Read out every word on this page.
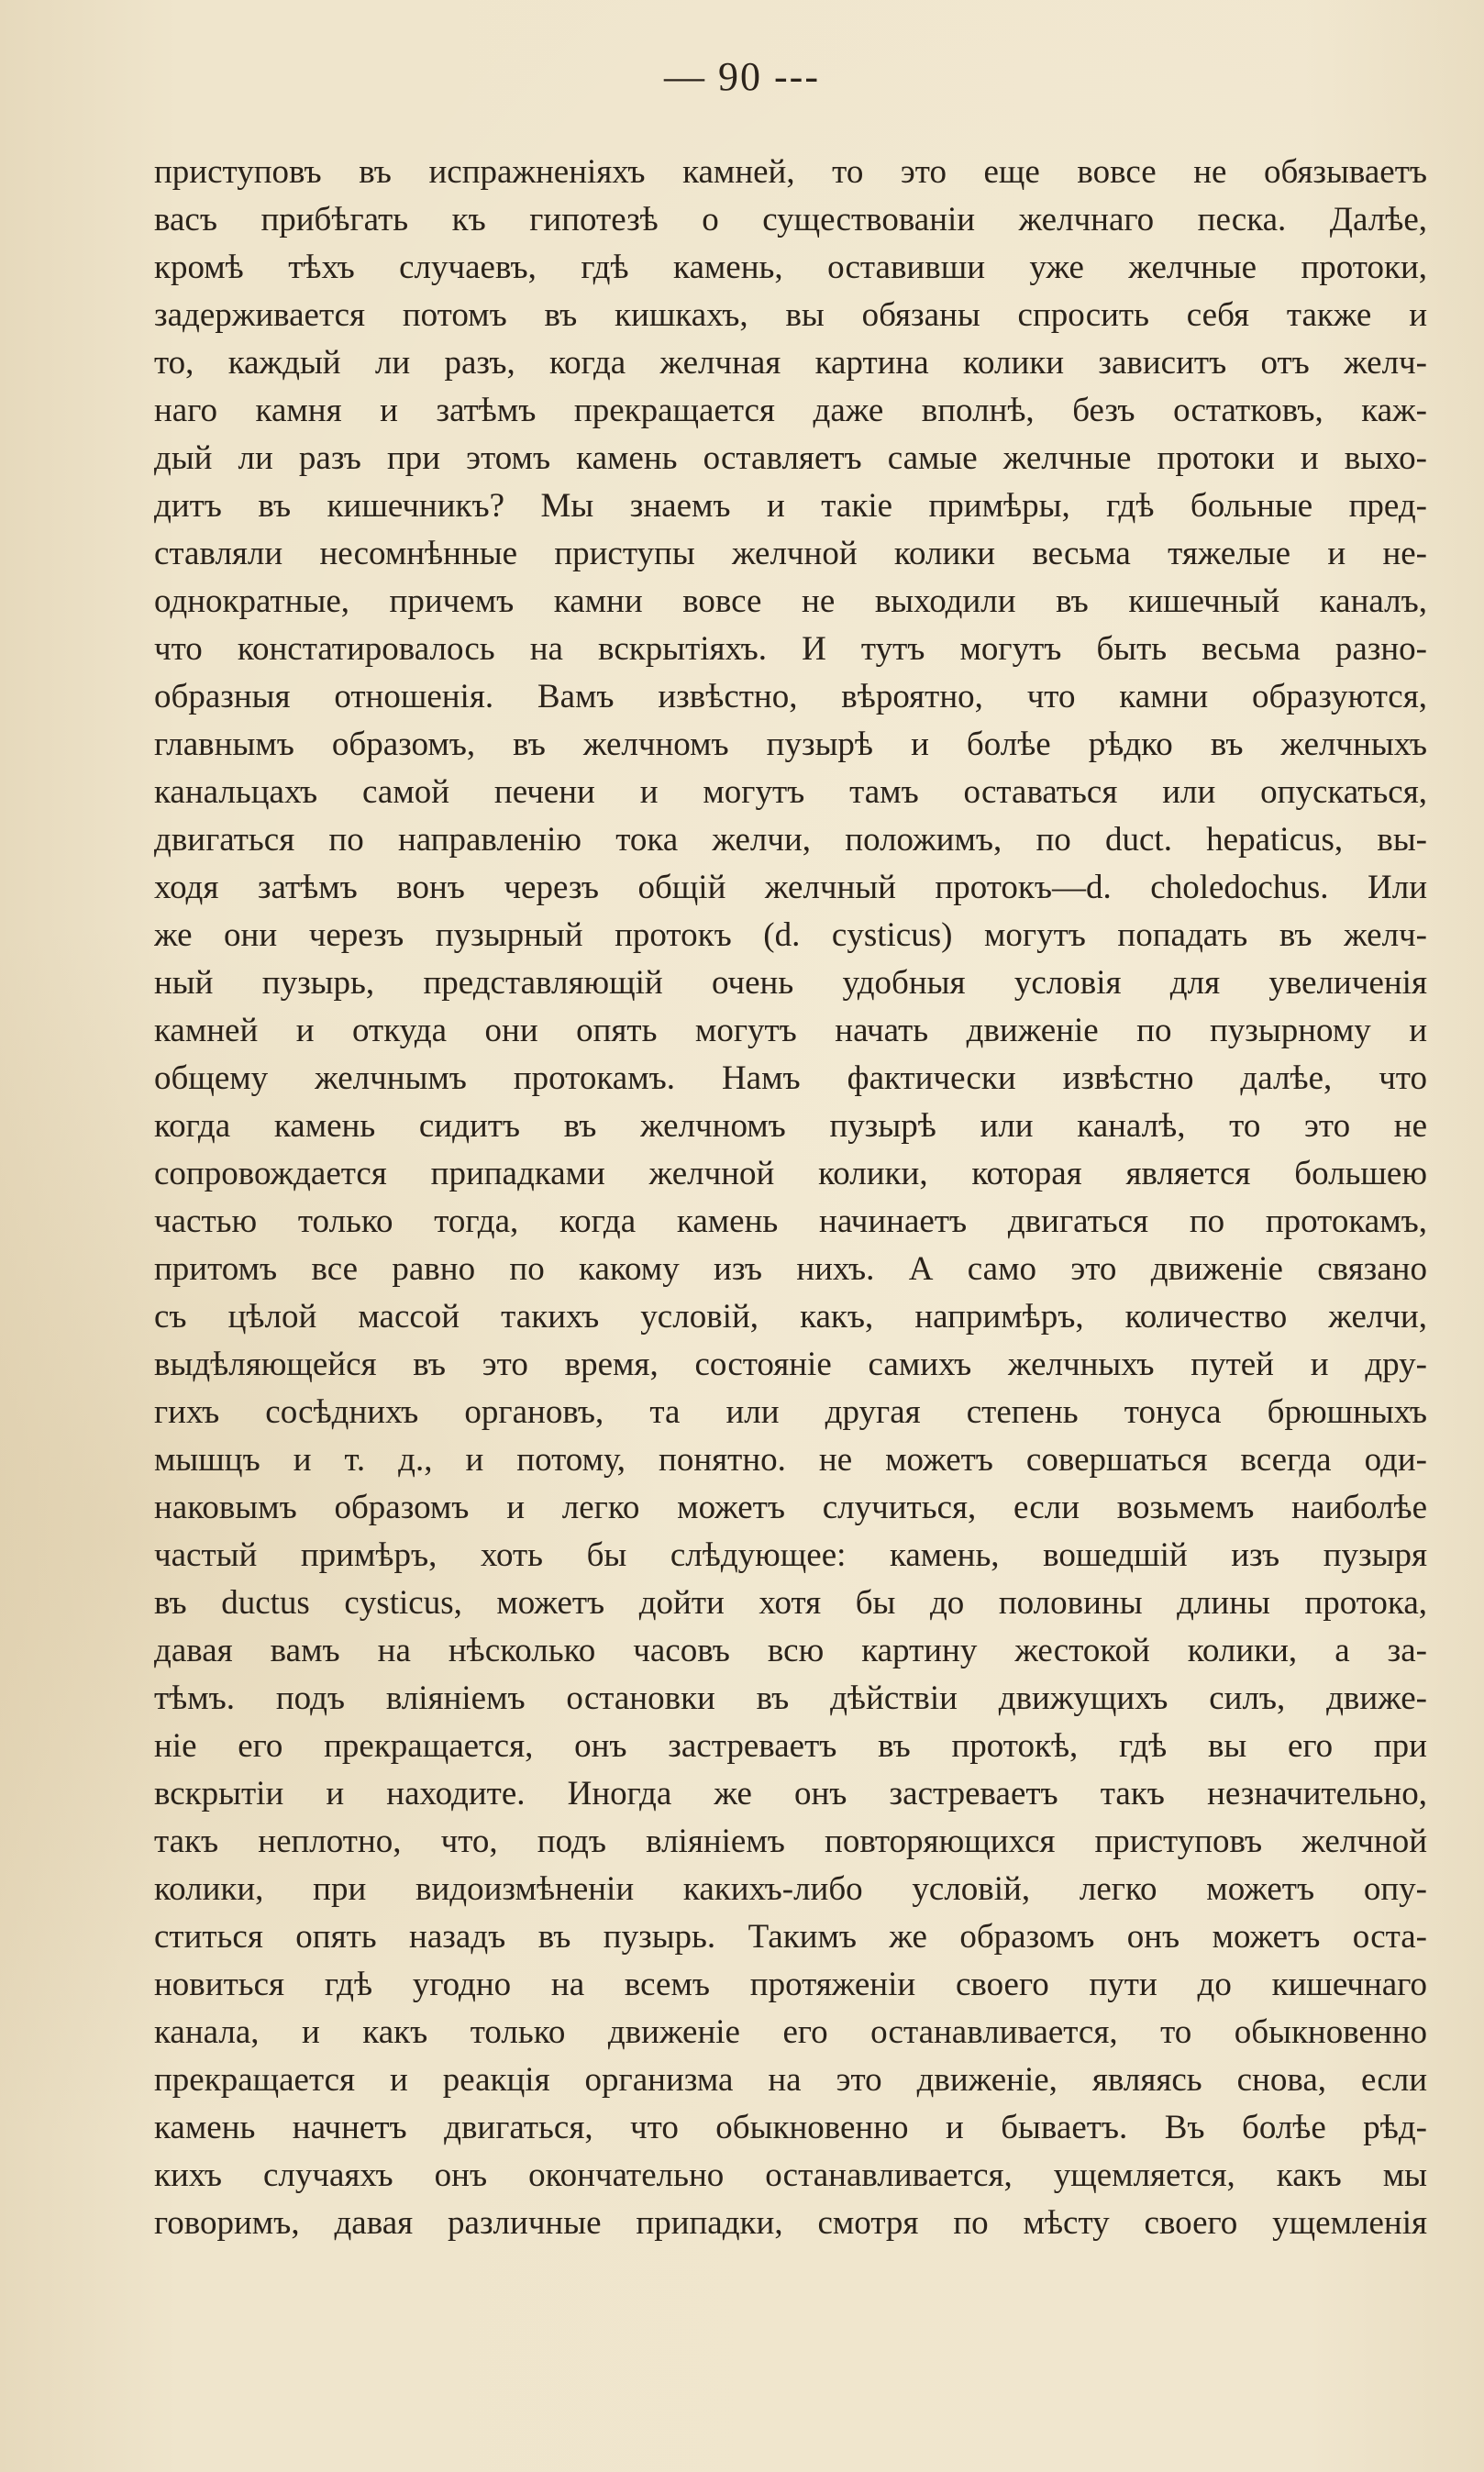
— 90 ---
приступовъ въ испражненіяхъ камней, то это еще вовсе не обязываетъ
васъ прибѣгать къ гипотезѣ о существованіи желчнаго песка. Далѣе,
кромѣ тѣхъ случаевъ, гдѣ камень, оставивши уже желчные протоки,
задерживается потомъ въ кишкахъ, вы обязаны спросить себя также и
то, каждый ли разъ, когда желчная картина колики зависитъ отъ желч-
наго камня и затѣмъ прекращается даже вполнѣ, безъ остатковъ, каж-
дый ли разъ при этомъ камень оставляетъ самые желчные протоки и выхо-
дитъ въ кишечникъ? Мы знаемъ и такіе примѣры, гдѣ больные пред-
ставляли несомнѣнные приступы желчной колики весьма тяжелые и не-
однократные, причемъ камни вовсе не выходили въ кишечный каналъ,
что констатировалось на вскрытіяхъ. И тутъ могутъ быть весьма разно-
образныя отношенія. Вамъ извѣстно, вѣроятно, что камни образуются,
главнымъ образомъ, въ желчномъ пузырѣ и болѣе рѣдко въ желчныхъ
канальцахъ самой печени и могутъ тамъ оставаться или опускаться,
двигаться по направленію тока желчи, положимъ, по duct. hepaticus, вы-
ходя затѣмъ вонъ черезъ общій желчный протокъ—d. choledochus. Или
же они черезъ пузырный протокъ (d. cysticus) могутъ попадать въ желч-
ный пузырь, представляющій очень удобныя условія для увеличенія
камней и откуда они опять могутъ начать движеніе по пузырному и
общему желчнымъ протокамъ. Намъ фактически извѣстно далѣе, что
когда камень сидитъ въ желчномъ пузырѣ или каналѣ, то это не
сопровождается припадками желчной колики, которая является большею
частью только тогда, когда камень начинаетъ двигаться по протокамъ,
притомъ все равно по какому изъ нихъ. А само это движеніе связано
съ цѣлой массой такихъ условій, какъ, напримѣръ, количество желчи,
выдѣляющейся въ это время, состояніе самихъ желчныхъ путей и дру-
гихъ сосѣднихъ органовъ, та или другая степень тонуса брюшныхъ
мышцъ и т. д., и потому, понятно. не можетъ совершаться всегда оди-
наковымъ образомъ и легко можетъ случиться, если возьмемъ наиболѣе
частый примѣръ, хоть бы слѣдующее: камень, вошедшій изъ пузыря
въ ductus cysticus, можетъ дойти хотя бы до половины длины протока,
давая вамъ на нѣсколько часовъ всю картину жестокой колики, а за-
тѣмъ. подъ вліяніемъ остановки въ дѣйствіи движущихъ силъ, движе-
ніе его прекращается, онъ застреваетъ въ протокѣ, гдѣ вы его при
вскрытіи и находите. Иногда же онъ застреваетъ такъ незначительно,
такъ неплотно, что, подъ вліяніемъ повторяющихся приступовъ желчной
колики, при видоизмѣненіи какихъ-либо условій, легко можетъ опу-
ститься опять назадъ въ пузырь. Такимъ же образомъ онъ можетъ оста-
новиться гдѣ угодно на всемъ протяженіи своего пути до кишечнаго
канала, и какъ только движеніе его останавливается, то обыкновенно
прекращается и реакція организма на это движеніе, являясь снова, если
камень начнетъ двигаться, что обыкновенно и бываетъ. Въ болѣе рѣд-
кихъ случаяхъ онъ окончательно останавливается, ущемляется, какъ мы
говоримъ, давая различные припадки, смотря по мѣсту своего ущемленія
